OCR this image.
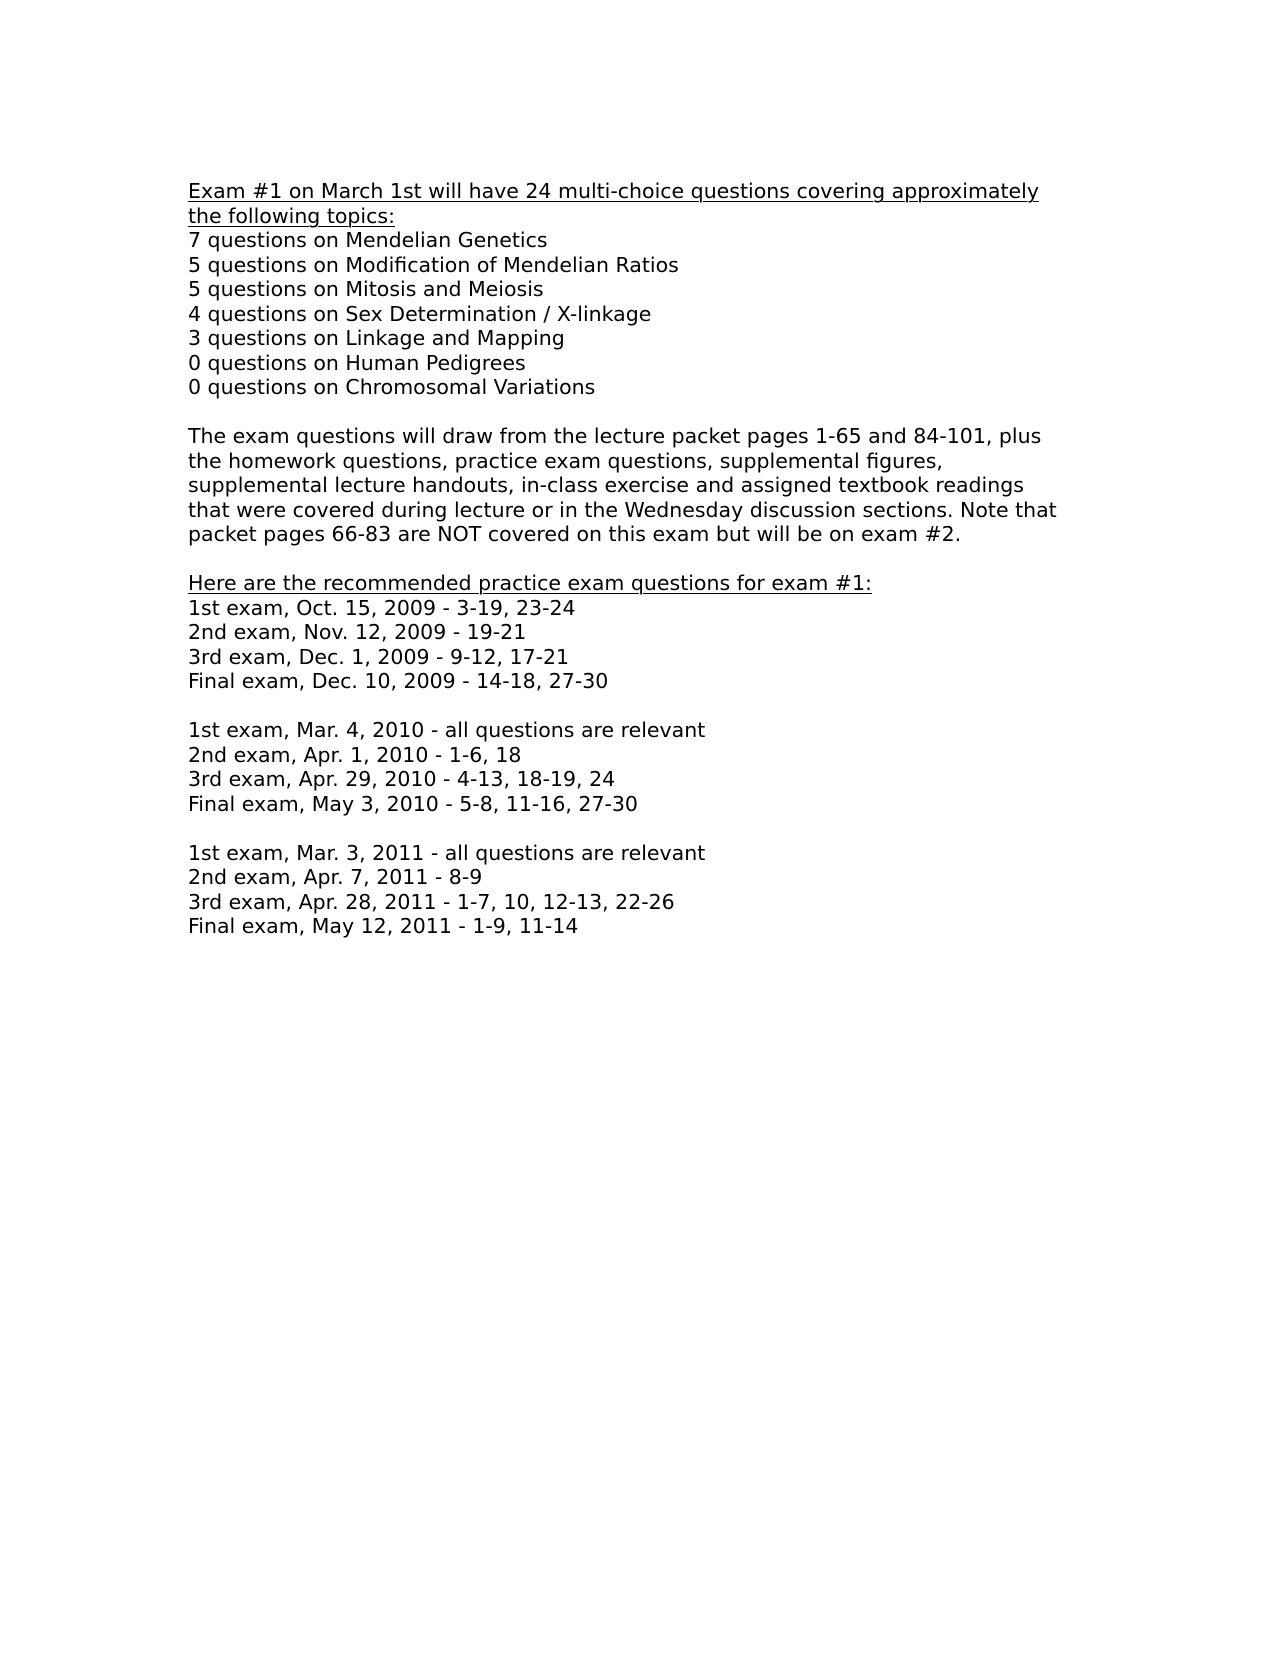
Exam #1 on March 1st will have 24 multi-choice questions covering approximately
the following topics:
7 questions on Mendelian Genetics
5 questions on Modification of Mendelian Ratios
5 questions on Mitosis and Meiosis
4 questions on Sex Determination / X-linkage
3 questions on Linkage and Mapping
0 questions on Human Pedigrees
0 questions on Chromosomal Variations
The exam questions will draw from the lecture packet pages 1-65 and 84-101, plus
the homework questions, practice exam questions, supplemental figures,
supplemental lecture handouts, in-class exercise and assigned textbook readings
that were covered during lecture or in the Wednesday discussion sections. Note that
packet pages 66-83 are NOT covered on this exam but will be on exam #2.
Here are the recommended practice exam questions for exam #1:
1st exam, Oct. 15, 2009 - 3-19, 23-24
2nd exam, Nov. 12, 2009 - 19-21
3rd exam, Dec. 1, 2009 - 9-12, 17-21
Final exam, Dec. 10, 2009 - 14-18, 27-30
1st exam, Mar. 4, 2010 - all questions are relevant
2nd exam, Apr. 1, 2010 - 1-6, 18
3rd exam, Apr. 29, 2010 - 4-13, 18-19, 24
Final exam, May 3, 2010 - 5-8, 11-16, 27-30
1st exam, Mar. 3, 2011 - all questions are relevant
2nd exam, Apr. 7, 2011 - 8-9
3rd exam, Apr. 28, 2011 - 1-7, 10, 12-13, 22-26
Final exam, May 12, 2011 - 1-9, 11-14
